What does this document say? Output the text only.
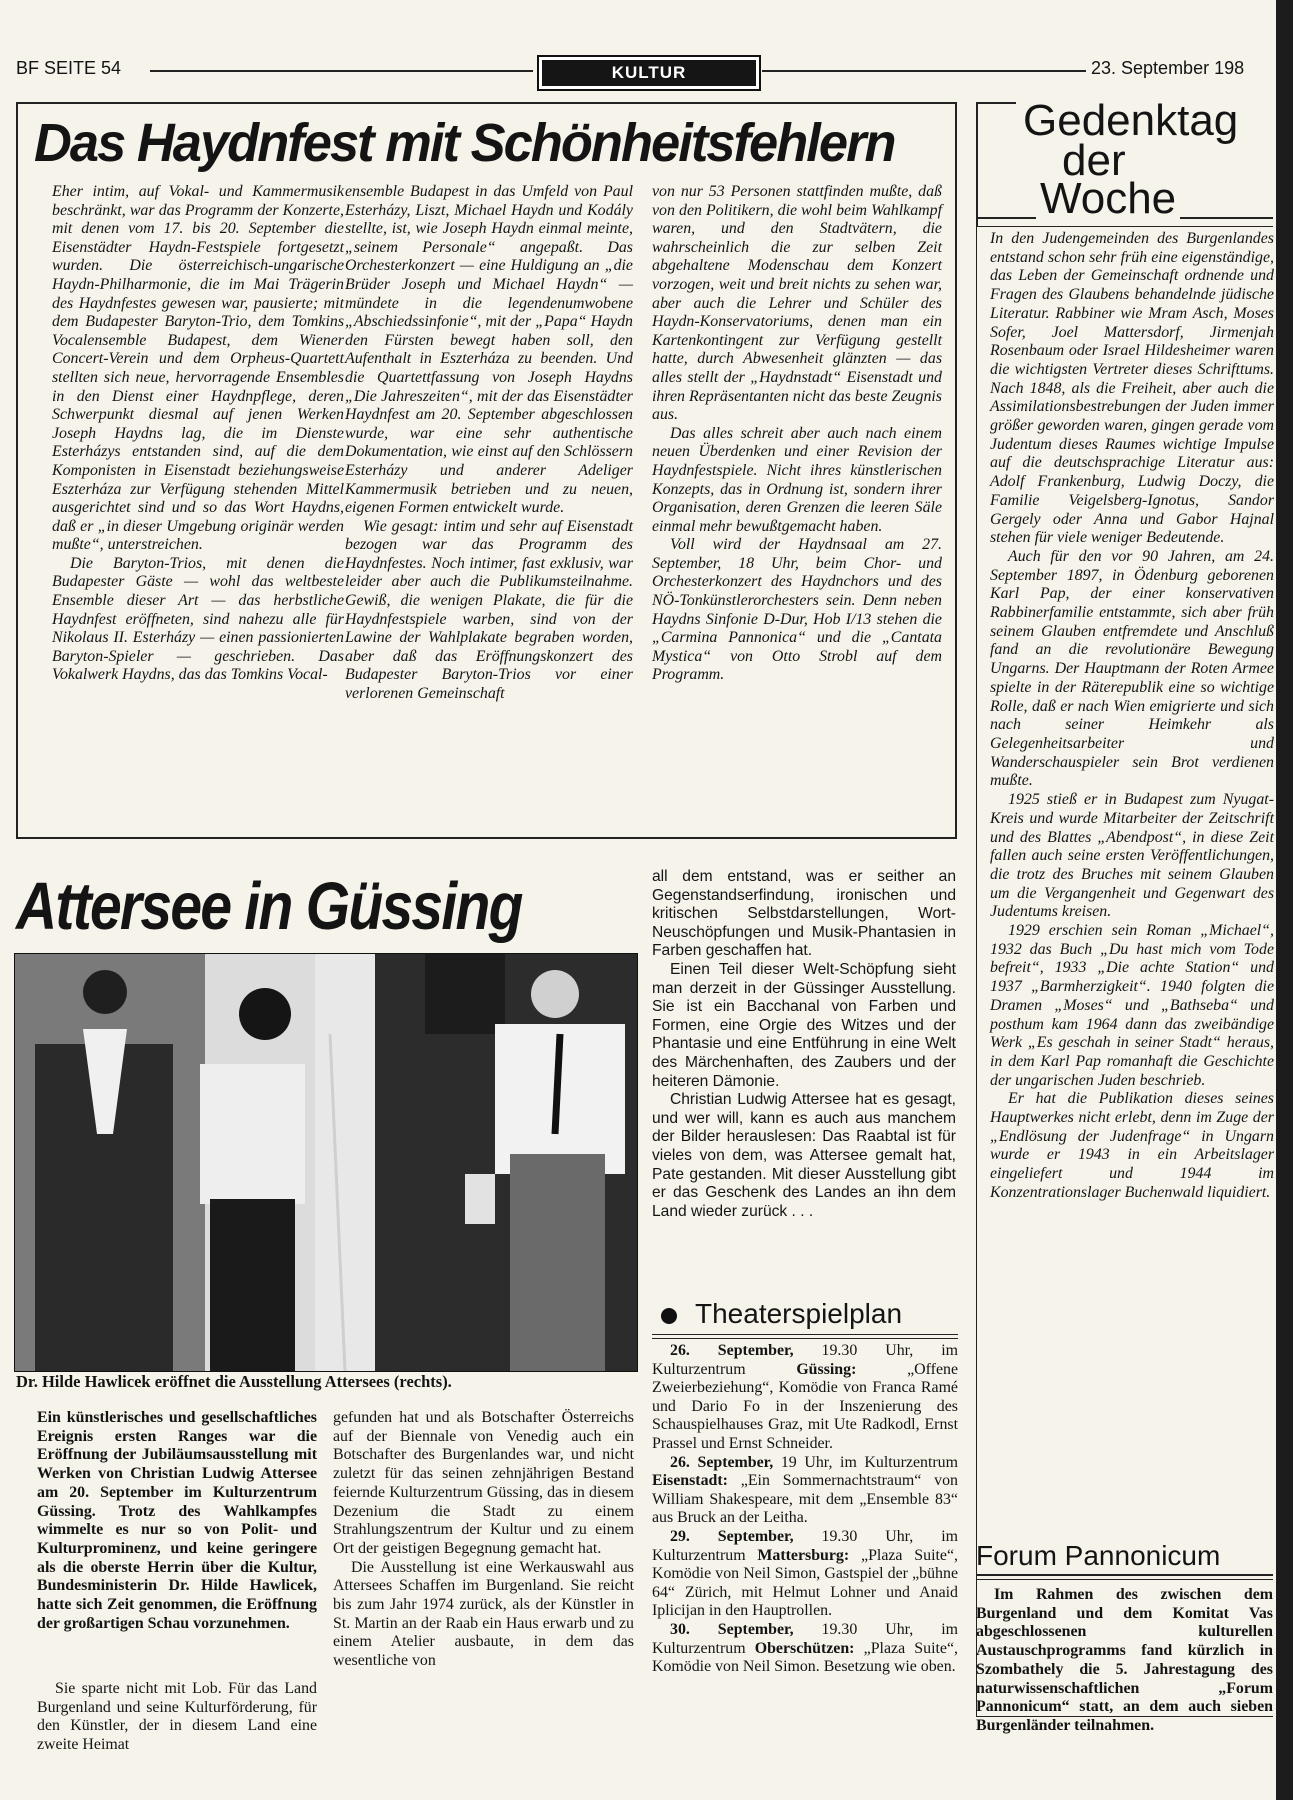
BF SEITE 54	KULTUR	23. September 198
Das Haydnfest mit Schönheitsfehlern

Eher intim, auf Vokal- und Kammermusik beschränkt, war das Programm der Konzerte, mit denen vom 17. bis 20. September die Eisenstädter Haydn-Festspiele fortgesetzt wurden. Die österreichisch-ungarische Haydn-Philharmonie, die im Mai Trägerin des Haydnfestes gewesen war, pausierte; mit dem Budapester Baryton-Trio, dem Tomkins Vocalensemble Budapest, dem Wiener Concert-Verein und dem Orpheus-Quartett stellten sich neue, hervorragende Ensembles in den Dienst einer Haydnpflege, deren Schwerpunkt diesmal auf jenen Werken Joseph Haydns lag, die im Dienste Esterházys entstanden sind, auf die dem Komponisten in Eisenstadt beziehungsweise Eszterháza zur Verfügung stehenden Mittel ausgerichtet sind und so das Wort Haydns, daß er „in dieser Umgebung originär werden mußte“, unterstreichen.

Die Baryton-Trios, mit denen die Budapester Gäste — wohl das weltbeste Ensemble dieser Art — das herbstliche Haydnfest eröffneten, sind nahezu alle für Nikolaus II. Esterházy — einen passionierten Baryton-Spieler — geschrieben. Das Vokalwerk Haydns, das das Tomkins Vocal-

ensemble Budapest in das Umfeld von Paul Esterházy, Liszt, Michael Haydn und Kodály stellte, ist, wie Joseph Haydn einmal meinte, „seinem Personale“ angepaßt. Das Orchesterkonzert — eine Huldigung an „die Brüder Joseph und Michael Haydn“ — mündete in die legendenumwobene „Abschiedssinfonie“, mit der „Papa“ Haydn den Fürsten bewegt haben soll, den Aufenthalt in Eszterháza zu beenden. Und die Quartettfassung von Joseph Haydns „Die Jahreszeiten“, mit der das Eisenstädter Haydnfest am 20. September abgeschlossen wurde, war eine sehr authentische Dokumentation, wie einst auf den Schlössern Esterházy und anderer Adeliger Kammermusik betrieben und zu neuen, eigenen Formen entwickelt wurde.

Wie gesagt: intim und sehr auf Eisenstadt bezogen war das Programm des Haydnfestes. Noch intimer, fast exklusiv, war leider aber auch die Publikumsteilnahme. Gewiß, die wenigen Plakate, die für die Haydnfestspiele warben, sind von der Lawine der Wahlplakate begraben worden, aber daß das Eröffnungskonzert des Budapester Baryton-Trios vor einer verlorenen Gemeinschaft

von nur 53 Personen stattfinden mußte, daß von den Politikern, die wohl beim Wahlkampf waren, und den Stadtvätern, die wahrscheinlich die zur selben Zeit abgehaltene Modenschau dem Konzert vorzogen, weit und breit nichts zu sehen war, aber auch die Lehrer und Schüler des Haydn-Konservatoriums, denen man ein Kartenkontingent zur Verfügung gestellt hatte, durch Abwesenheit glänzten — das alles stellt der „Haydnstadt“ Eisenstadt und ihren Repräsentanten nicht das beste Zeugnis aus.

Das alles schreit aber auch nach einem neuen Überdenken und einer Revision der Haydnfestspiele. Nicht ihres künstlerischen Konzepts, das in Ordnung ist, sondern ihrer Organisation, deren Grenzen die leeren Säle einmal mehr bewußtgemacht haben.

Voll wird der Haydnsaal am 27. September, 18 Uhr, beim Chor- und Orchesterkonzert des Haydnchors und des NÖ-Tonkünstlerorchesters sein. Denn neben Haydns Sinfonie D-Dur, Hob I/13 stehen die „Carmina Pannonica“ und die „Cantata Mystica“ von Otto Strobl auf dem Programm.

Gedenktag
der
Woche

In den Judengemeinden des Burgenlandes entstand schon sehr früh eine eigenständige, das Leben der Gemeinschaft ordnende und Fragen des Glaubens behandelnde jüdische Literatur. Rabbiner wie Mram Asch, Moses Sofer, Joel Mattersdorf, Jirmenjah Rosenbaum oder Israel Hildesheimer waren die wichtigsten Vertreter dieses Schrifttums. Nach 1848, als die Freiheit, aber auch die Assimilationsbestrebungen der Juden immer größer geworden waren, gingen gerade vom Judentum dieses Raumes wichtige Impulse auf die deutschsprachige Literatur aus: Adolf Frankenburg, Ludwig Doczy, die Familie Veigelsberg-Ignotus, Sandor Gergely oder Anna und Gabor Hajnal stehen für viele weniger Bedeutende.

Auch für den vor 90 Jahren, am 24. September 1897, in Ödenburg geborenen Karl Pap, der einer konservativen Rabbinerfamilie entstammte, sich aber früh seinem Glauben entfremdete und Anschluß fand an die revolutionäre Bewegung Ungarns. Der Hauptmann der Roten Armee spielte in der Räterepublik eine so wichtige Rolle, daß er nach Wien emigrierte und sich nach seiner Heimkehr als Gelegenheitsarbeiter und Wanderschauspieler sein Brot verdienen mußte.

1925 stieß er in Budapest zum Nyugat-Kreis und wurde Mitarbeiter der Zeitschrift und des Blattes „Abendpost“, in diese Zeit fallen auch seine ersten Veröffentlichungen, die trotz des Bruches mit seinem Glauben um die Vergangenheit und Gegenwart des Judentums kreisen.

1929 erschien sein Roman „Michael“, 1932 das Buch „Du hast mich vom Tode befreit“, 1933 „Die achte Station“ und 1937 „Barmherzigkeit“. 1940 folgten die Dramen „Moses“ und „Bathseba“ und posthum kam 1964 dann das zweibändige Werk „Es geschah in seiner Stadt“ heraus, in dem Karl Pap romanhaft die Geschichte der ungarischen Juden beschrieb.

Er hat die Publikation dieses seines Hauptwerkes nicht erlebt, denn im Zuge der „Endlösung der Judenfrage“ in Ungarn wurde er 1943 in ein Arbeitslager eingeliefert und 1944 im Konzentrationslager Buchenwald liquidiert.

Forum Pannonicum
Im Rahmen des zwischen dem Burgenland und dem Komitat Vas abgeschlossenen kulturellen Austauschprogramms fand kürzlich in Szombathely die 5. Jahrestagung des naturwissenschaftlichen „Forum Pannonicum“ statt, an dem auch sieben Burgenländer teilnahmen.
Attersee in Güssing
Dr. Hilde Hawlicek eröffnet die Ausstellung Attersees (rechts).

all dem entstand, was er seither an Gegenstandserfindung, ironischen und kritischen Selbstdarstellungen, Wort-Neuschöpfungen und Musik-Phantasien in Farben geschaffen hat.

Einen Teil dieser Welt-Schöpfung sieht man derzeit in der Güssinger Ausstellung. Sie ist ein Bacchanal von Farben und Formen, eine Orgie des Witzes und der Phantasie und eine Entführung in eine Welt des Märchenhaften, des Zaubers und der heiteren Dämonie.

Christian Ludwig Attersee hat es gesagt, und wer will, kann es auch aus manchem der Bilder herauslesen: Das Raabtal ist für vieles von dem, was Attersee gemalt hat, Pate gestanden. Mit dieser Ausstellung gibt er das Geschenk des Landes an ihn dem Land wieder zurück . . .

Ein künstlerisches und gesellschaftliches Ereignis ersten Ranges war die Eröffnung der Jubiläumsausstellung mit Werken von Christian Ludwig Attersee am 20. September im Kulturzentrum Güssing. Trotz des Wahlkampfes wimmelte es nur so von Polit- und Kulturprominenz, und keine geringere als die oberste Herrin über die Kultur, Bundesministerin Dr. Hilde Hawlicek, hatte sich Zeit genommen, die Eröffnung der großartigen Schau vorzunehmen.
Sie sparte nicht mit Lob. Für das Land Burgenland und seine Kulturförderung, für den Künstler, der in diesem Land eine zweite Heimat

gefunden hat und als Botschafter Österreichs auf der Biennale von Venedig auch ein Botschafter des Burgenlandes war, und nicht zuletzt für das seinen zehnjährigen Bestand feiernde Kulturzentrum Güssing, das in diesem Dezenium die Stadt zu einem Strahlungszentrum der Kultur und zu einem Ort der geistigen Begegnung gemacht hat.

Die Ausstellung ist eine Werkauswahl aus Attersees Schaffen im Burgenland. Sie reicht bis zum Jahr 1974 zurück, als der Künstler in St. Martin an der Raab ein Haus erwarb und zu einem Atelier ausbaute, in dem das wesentliche von

Theaterspielplan

26. September, 19.30 Uhr, im Kulturzentrum Güssing: „Offene Zweierbeziehung“, Komödie von Franca Ramé und Dario Fo in der Inszenierung des Schauspielhauses Graz, mit Ute Radkodl, Ernst Prassel und Ernst Schneider.

26. September, 19 Uhr, im Kulturzentrum Eisenstadt: „Ein Sommernachtstraum“ von William Shakespeare, mit dem „Ensemble 83“ aus Bruck an der Leitha.

29. September, 19.30 Uhr, im Kulturzentrum Mattersburg: „Plaza Suite“, Komödie von Neil Simon, Gastspiel der „bühne 64“ Zürich, mit Helmut Lohner und Anaid Iplicijan in den Hauptrollen.

30. September, 19.30 Uhr, im Kulturzentrum Oberschützen: „Plaza Suite“, Komödie von Neil Simon. Besetzung wie oben.
